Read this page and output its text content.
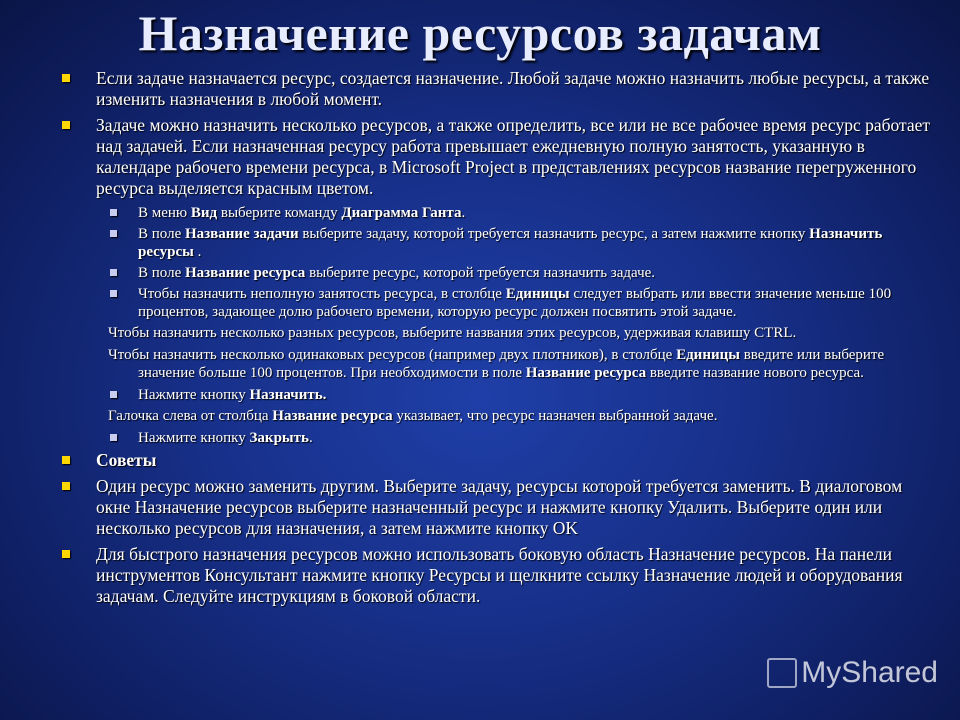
Назначение ресурсов задачам
Если задаче назначается ресурс, создается назначение. Любой задаче можно назначить любые ресурсы, а также изменить назначения в любой момент.
Задаче можно назначить несколько ресурсов, а также определить, все или не все рабочее время ресурс работает над задачей. Если назначенная ресурсу работа превышает ежедневную полную занятость, указанную в календаре рабочего времени ресурса, в Microsoft Project в представлениях ресурсов название перегруженного ресурса выделяется красным цветом.
В меню Вид выберите команду Диаграмма Ганта.
В поле Название задачи выберите задачу, которой требуется назначить ресурс, а затем нажмите кнопку Назначить ресурсы .
В поле Название ресурса выберите ресурс, которой требуется назначить задаче.
Чтобы назначить неполную занятость ресурса, в столбце Единицы следует выбрать или ввести значение меньше 100 процентов, задающее долю рабочего времени, которую ресурс должен посвятить этой задаче.
Чтобы назначить несколько разных ресурсов, выберите названия этих ресурсов, удерживая клавишу CTRL.
Чтобы назначить несколько одинаковых ресурсов (например двух плотников), в столбце Единицы введите или выберите значение больше 100 процентов. При необходимости в поле Название ресурса введите название нового ресурса.
Нажмите кнопку Назначить.
Галочка слева от столбца Название ресурса указывает, что ресурс назначен выбранной задаче.
Нажмите кнопку Закрыть.
Советы
Один ресурс можно заменить другим. Выберите задачу, ресурсы которой требуется заменить. В диалоговом окне Назначение ресурсов выберите назначенный ресурс и нажмите кнопку Удалить. Выберите один или несколько ресурсов для назначения, а затем нажмите кнопку OK
Для быстрого назначения ресурсов можно использовать боковую область Назначение ресурсов. На панели инструментов Консультант нажмите кнопку Ресурсы и щелкните ссылку Назначение людей и оборудования задачам. Следуйте инструкциям в боковой области.
MyShared
